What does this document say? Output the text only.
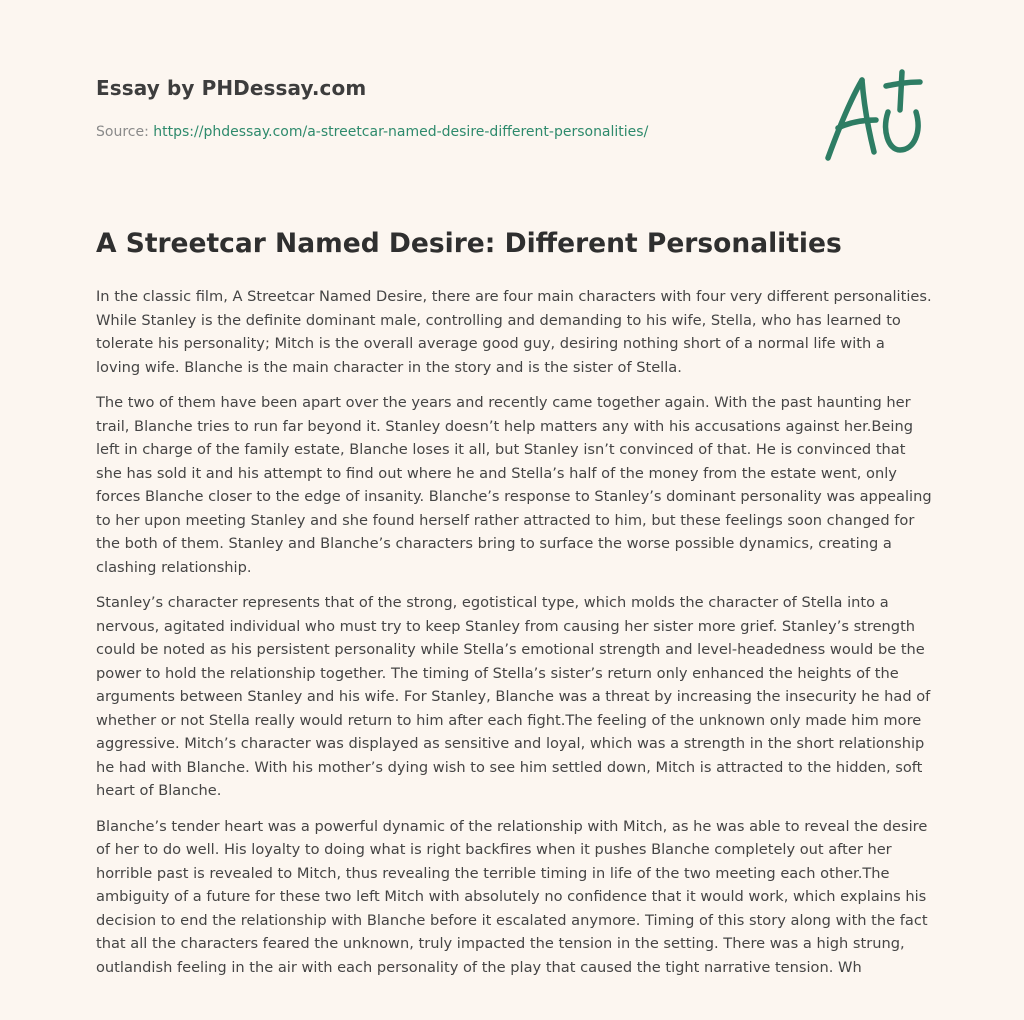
Essay by PHDessay.com
Source: https://phdessay.com/a-streetcar-named-desire-different-personalities/
A Streetcar Named Desire: Different Personalities

In the classic film, A Streetcar Named Desire, there are four main characters with four very different personalities. While Stanley is the definite dominant male, controlling and demanding to his wife, Stella, who has learned to tolerate his personality; Mitch is the overall average good guy, desiring nothing short of a normal life with a loving wife. Blanche is the main character in the story and is the sister of Stella.

The two of them have been apart over the years and recently came together again. With the past haunting her trail, Blanche tries to run far beyond it. Stanley doesn’t help matters any with his accusations against her.Being left in charge of the family estate, Blanche loses it all, but Stanley isn’t convinced of that. He is convinced that she has sold it and his attempt to find out where he and Stella’s half of the money from the estate went, only forces Blanche closer to the edge of insanity. Blanche’s response to Stanley’s dominant personality was appealing to her upon meeting Stanley and she found herself rather attracted to him, but these feelings soon changed for the both of them. Stanley and Blanche’s characters bring to surface the worse possible dynamics, creating a clashing relationship.

Stanley’s character represents that of the strong, egotistical type, which molds the character of Stella into a nervous, agitated individual who must try to keep Stanley from causing her sister more grief. Stanley’s strength could be noted as his persistent personality while Stella’s emotional strength and level-headedness would be the power to hold the relationship together. The timing of Stella’s sister’s return only enhanced the heights of the arguments between Stanley and his wife. For Stanley, Blanche was a threat by increasing the insecurity he had of whether or not Stella really would return to him after each fight.The feeling of the unknown only made him more aggressive. Mitch’s character was displayed as sensitive and loyal, which was a strength in the short relationship he had with Blanche. With his mother’s dying wish to see him settled down, Mitch is attracted to the hidden, soft heart of Blanche.

Blanche’s tender heart was a powerful dynamic of the relationship with Mitch, as he was able to reveal the desire of her to do well. His loyalty to doing what is right backfires when it pushes Blanche completely out after her horrible past is revealed to Mitch, thus revealing the terrible timing in life of the two meeting each other.The ambiguity of a future for these two left Mitch with absolutely no confidence that it would work, which explains his decision to end the relationship with Blanche before it escalated anymore. Timing of this story along with the fact that all the characters feared the unknown, truly impacted the tension in the setting. There was a high strung, outlandish feeling in the air with each personality of the play that caused the tight narrative tension. Wh
